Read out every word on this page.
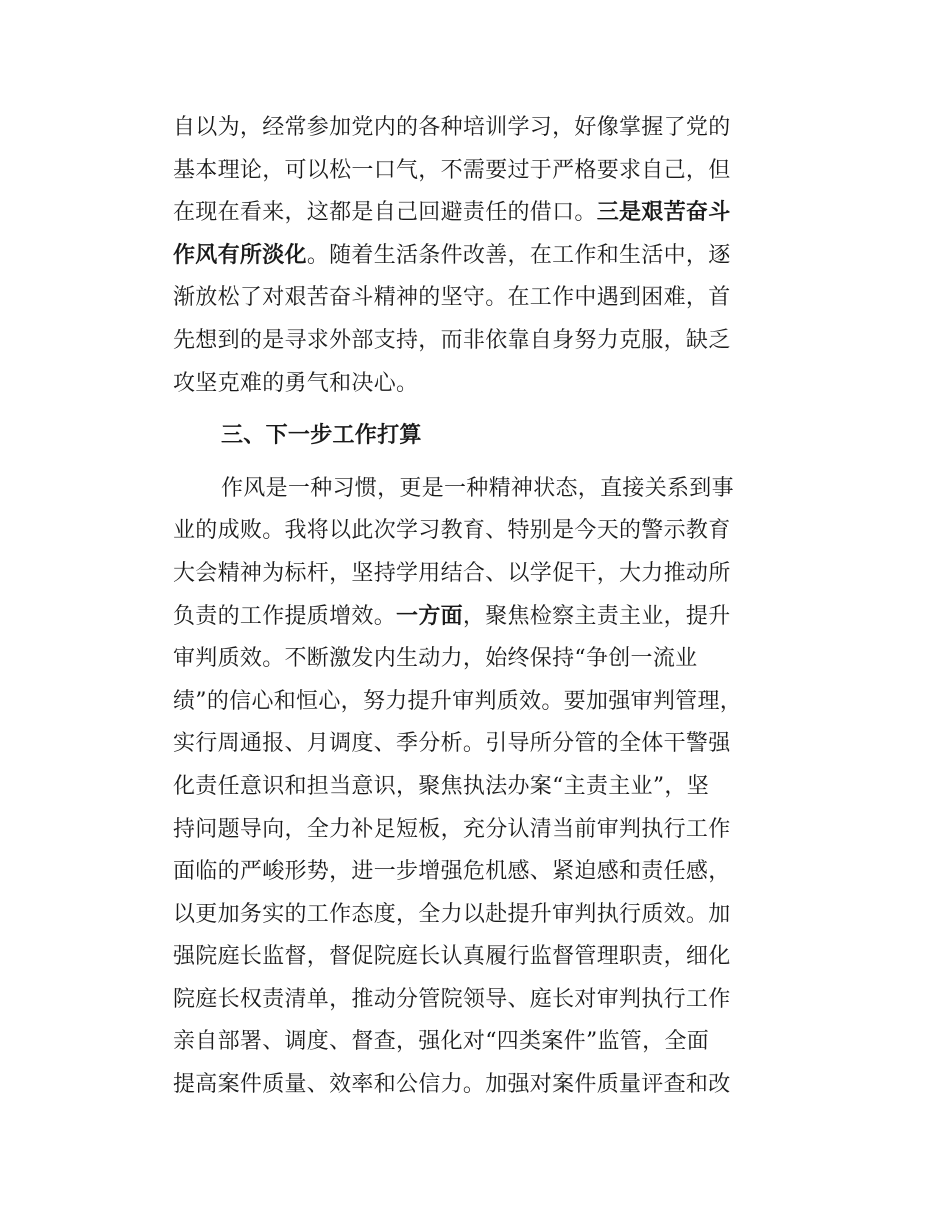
自以为，经常参加党内的各种培训学习，好像掌握了党的
基本理论，可以松一口气，不需要过于严格要求自己，但
在现在看来，这都是自己回避责任的借口。三是艰苦奋斗
作风有所淡化。随着生活条件改善，在工作和生活中，逐
渐放松了对艰苦奋斗精神的坚守。在工作中遇到困难，首
先想到的是寻求外部支持，而非依靠自身努力克服，缺乏
攻坚克难的勇气和决心。
三、下一步工作打算
作风是一种习惯，更是一种精神状态，直接关系到事
业的成败。我将以此次学习教育、特别是今天的警示教育
大会精神为标杆，坚持学用结合、以学促干，大力推动所
负责的工作提质增效。一方面，聚焦检察主责主业，提升
审判质效。不断激发内生动力，始终保持“争创一流业
绩”的信心和恒心，努力提升审判质效。要加强审判管理，
实行周通报、月调度、季分析。引导所分管的全体干警强
化责任意识和担当意识，聚焦执法办案“主责主业”，坚
持问题导向，全力补足短板，充分认清当前审判执行工作
面临的严峻形势，进一步增强危机感、紧迫感和责任感，
以更加务实的工作态度，全力以赴提升审判执行质效。加
强院庭长监督，督促院庭长认真履行监督管理职责，细化
院庭长权责清单，推动分管院领导、庭长对审判执行工作
亲自部署、调度、督查，强化对“四类案件”监管，全面
提高案件质量、效率和公信力。加强对案件质量评查和改
